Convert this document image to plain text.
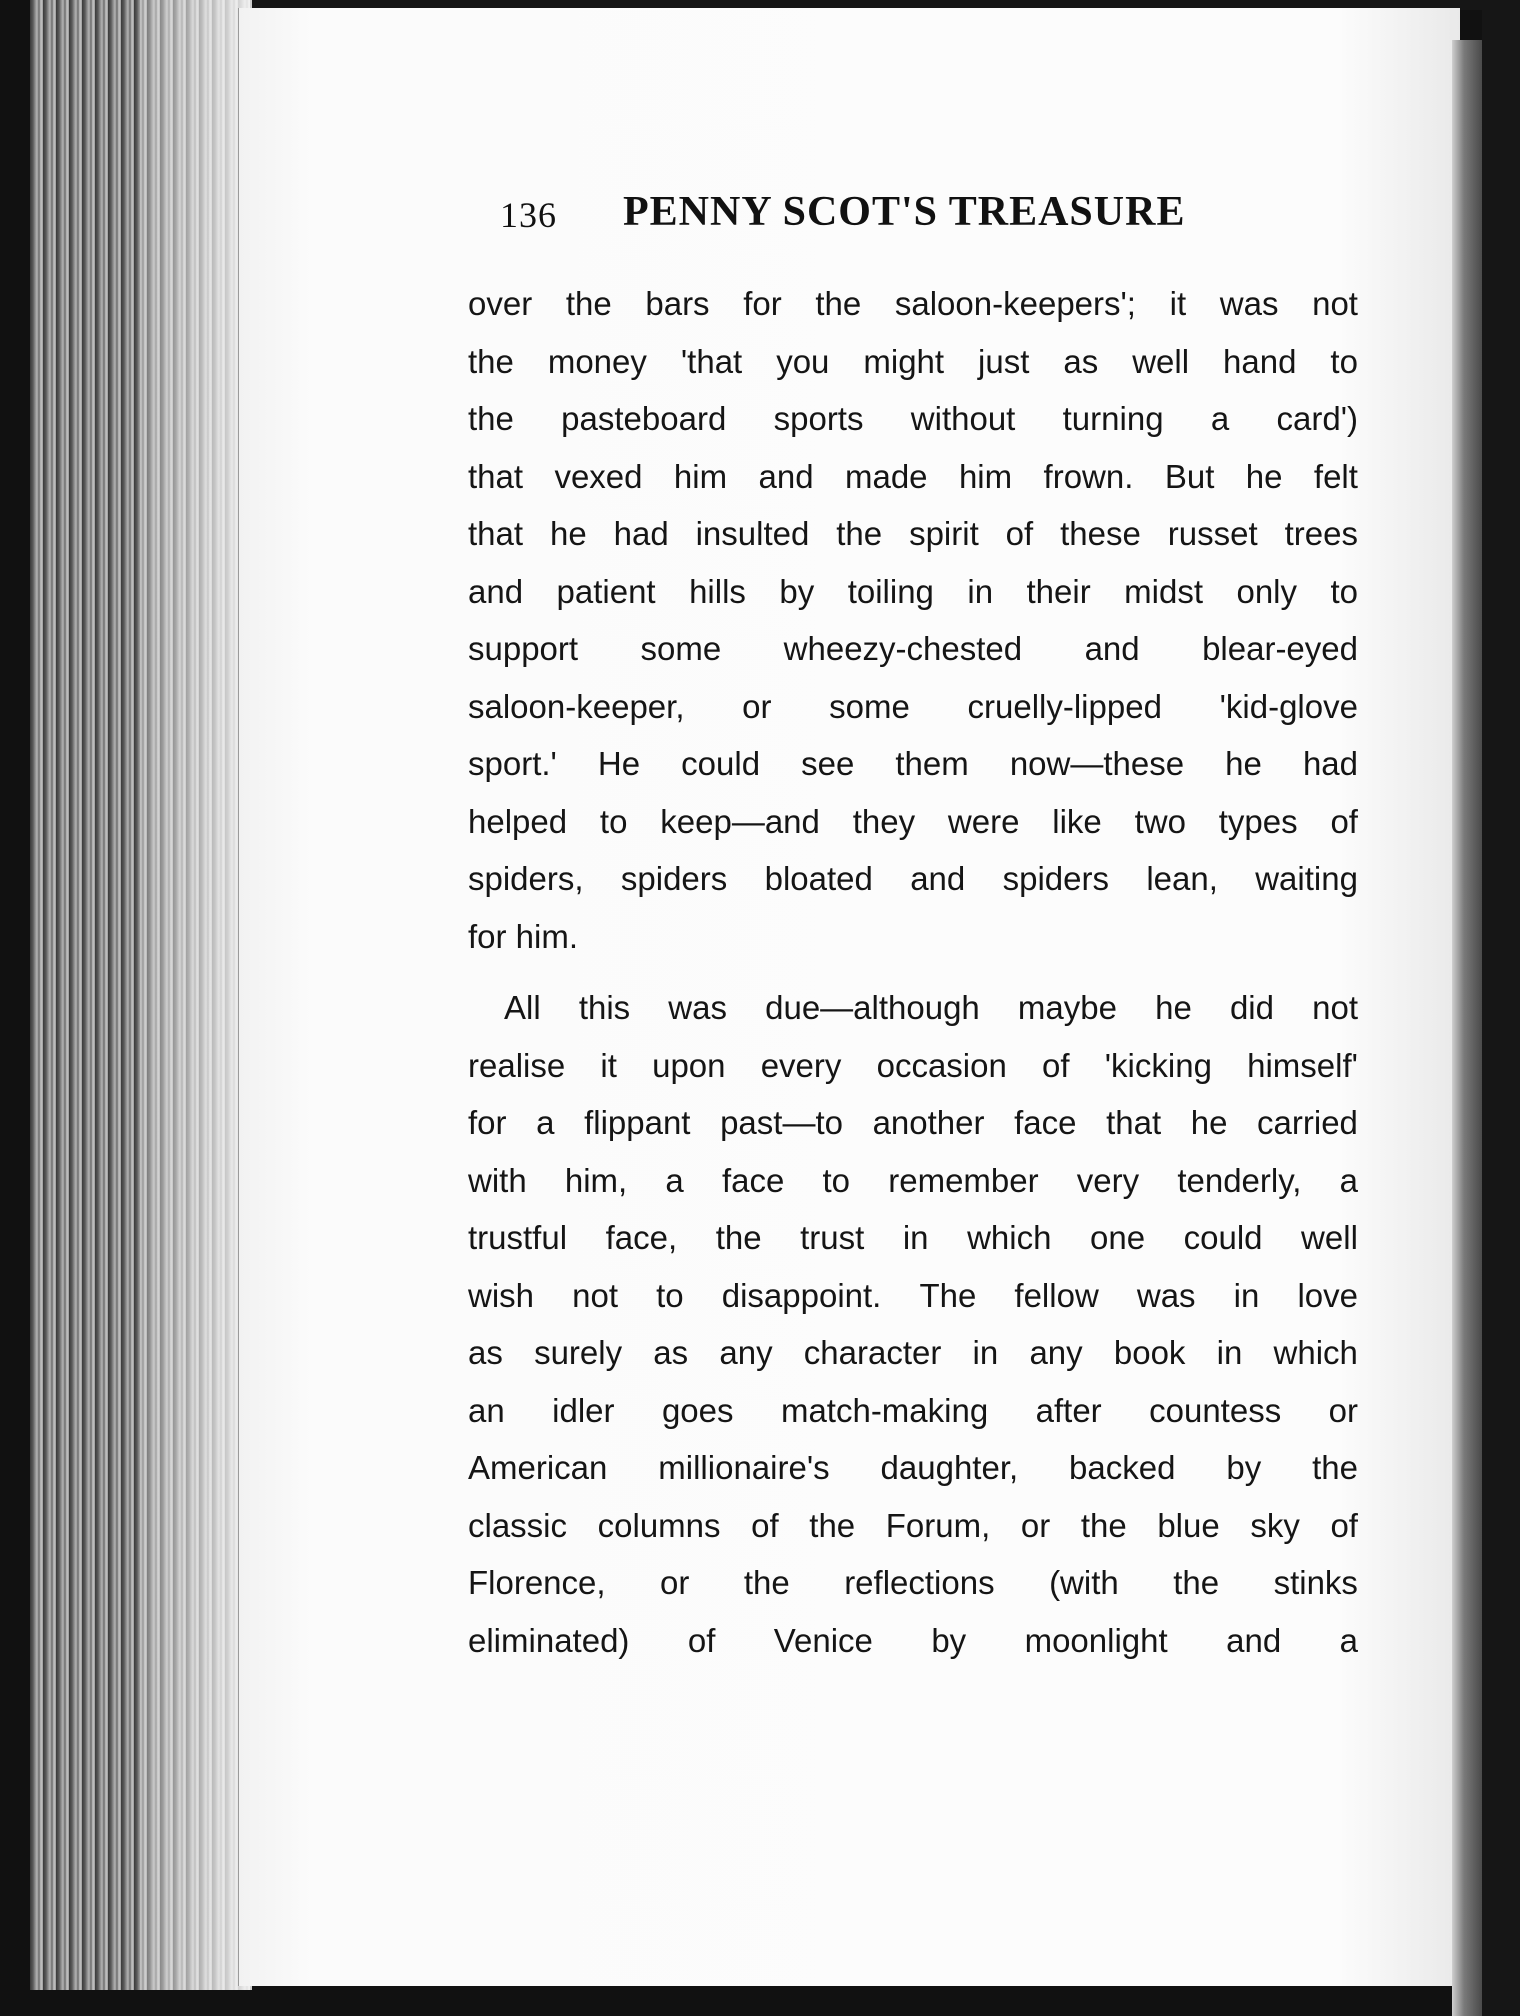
136 PENNY SCOT'S TREASURE
over the bars for the saloon-keepers'; it was not
the money 'that you might just as well hand to
the pasteboard sports without turning a card')
that vexed him and made him frown. But he felt
that he had insulted the spirit of these russet trees
and patient hills by toiling in their midst only to
support some wheezy-chested and blear-eyed
saloon-keeper, or some cruelly-lipped 'kid-glove
sport.' He could see them now—these he had
helped to keep—and they were like two types of
spiders, spiders bloated and spiders lean, waiting
for him.
All this was due—although maybe he did not
realise it upon every occasion of 'kicking himself'
for a flippant past—to another face that he carried
with him, a face to remember very tenderly, a
trustful face, the trust in which one could well
wish not to disappoint. The fellow was in love
as surely as any character in any book in which
an idler goes match-making after countess or
American millionaire's daughter, backed by the
classic columns of the Forum, or the blue sky of
Florence, or the reflections (with the stinks
eliminated) of Venice by moonlight and a
